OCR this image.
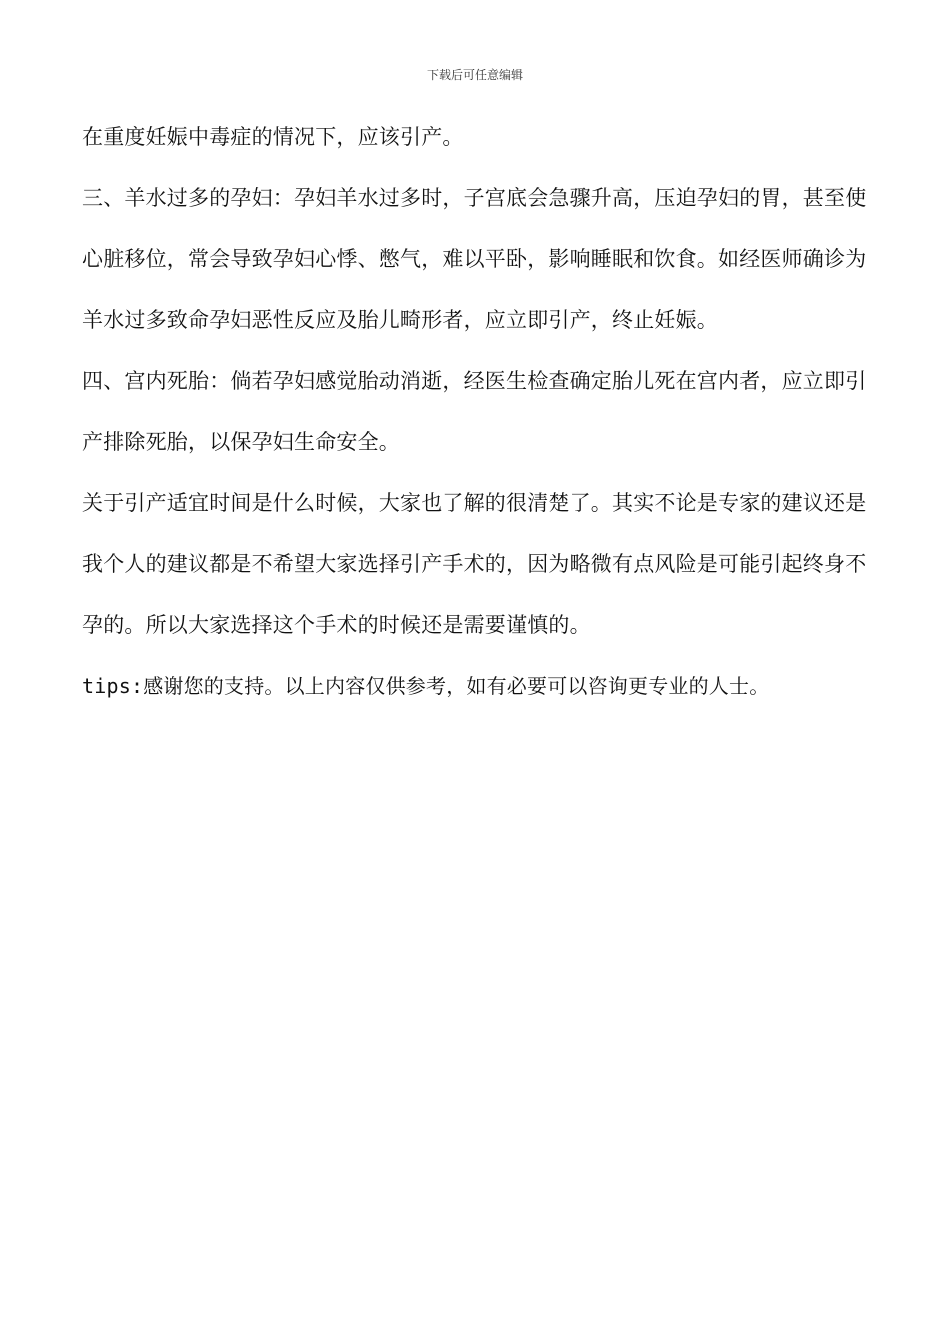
下载后可任意编辑

在重度妊娠中毒症的情况下，应该引产。

三、羊水过多的孕妇：孕妇羊水过多时，子宫底会急骤升高，压迫孕妇的胃，甚至使心脏移位，常会导致孕妇心悸、憋气，难以平卧，影响睡眠和饮食。如经医师确诊为羊水过多致命孕妇恶性反应及胎儿畸形者，应立即引产，终止妊娠。

四、宫内死胎：倘若孕妇感觉胎动消逝，经医生检查确定胎儿死在宫内者，应立即引产排除死胎，以保孕妇生命安全。

关于引产适宜时间是什么时候，大家也了解的很清楚了。其实不论是专家的建议还是我个人的建议都是不希望大家选择引产手术的，因为略微有点风险是可能引起终身不孕的。所以大家选择这个手术的时候还是需要谨慎的。

tips:感谢您的支持。以上内容仅供参考，如有必要可以咨询更专业的人士。
